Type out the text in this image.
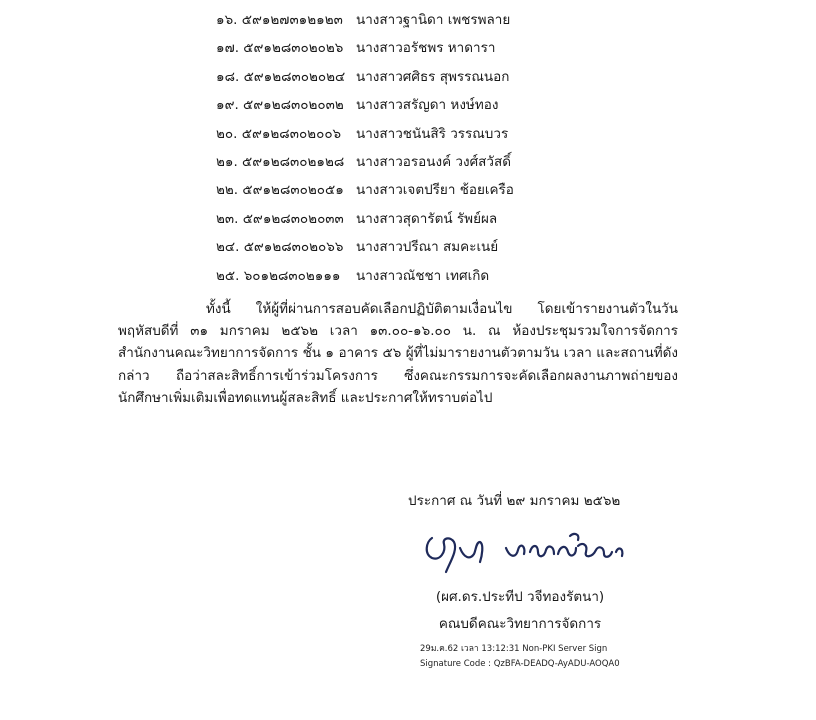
๑๖. ๕๙๑๒๗๓๑๒๑๒๓ นางสาวฐานิดา เพชรพลาย
๑๗. ๕๙๑๒๘๓๐๒๐๒๖ นางสาวอรัชพร หาดารา
๑๘. ๕๙๑๒๘๓๐๒๐๒๔ นางสาวศศิธร สุพรรณนอก
๑๙. ๕๙๑๒๘๓๐๒๐๓๒ นางสาวสรัญดา หงษ์ทอง
๒๐. ๕๙๑๒๘๓๐๒๐๐๖ นางสาวชนันสิริ วรรณบวร
๒๑. ๕๙๑๒๘๓๐๒๑๒๘ นางสาวอรอนงค์ วงศ์สวัสดิ์
๒๒. ๕๙๑๒๘๓๐๒๐๕๑ นางสาวเจตปรียา ช้อยเครือ
๒๓. ๕๙๑๒๘๓๐๒๐๓๓ นางสาวสุดารัตน์ รัพย์ผล
๒๔. ๕๙๑๒๘๓๐๒๐๖๖ นางสาวปรีณา สมคะเนย์
๒๕. ๖๐๑๒๘๓๐๒๑๑๑ นางสาวณัชชา เทศเกิด

ทั้งนี้ ให้ผู้ที่ผ่านการสอบคัดเลือกปฏิบัติตามเงื่อนไข โดยเข้ารายงานตัวในวันพฤหัสบดีที่ ๓๑ มกราคม ๒๕๖๒ เวลา ๑๓.๐๐-๑๖.๐๐ น. ณ ห้องประชุมรวมใจการจัดการ สำนักงานคณะวิทยาการจัดการ ชั้น ๑ อาคาร ๕๖ ผู้ที่ไม่มารายงานตัวตามวัน เวลา และสถานที่ดังกล่าว ถือว่าสละสิทธิ์การเข้าร่วมโครงการ ซึ่งคณะกรรมการจะคัดเลือกผลงานภาพถ่ายของนักศึกษาเพิ่มเติมเพื่อทดแทนผู้สละสิทธิ์ และประกาศให้ทราบต่อไป

ประกาศ ณ วันที่ ๒๙ มกราคม ๒๕๖๒
(ผศ.ดร.ประทีป วจีทองรัตนา)
คณบดีคณะวิทยาการจัดการ
29ม.ค.62 เวลา 13:12:31 Non-PKI Server Sign
Signature Code : QzBFA-DEADQ-AyADU-AOQA0
